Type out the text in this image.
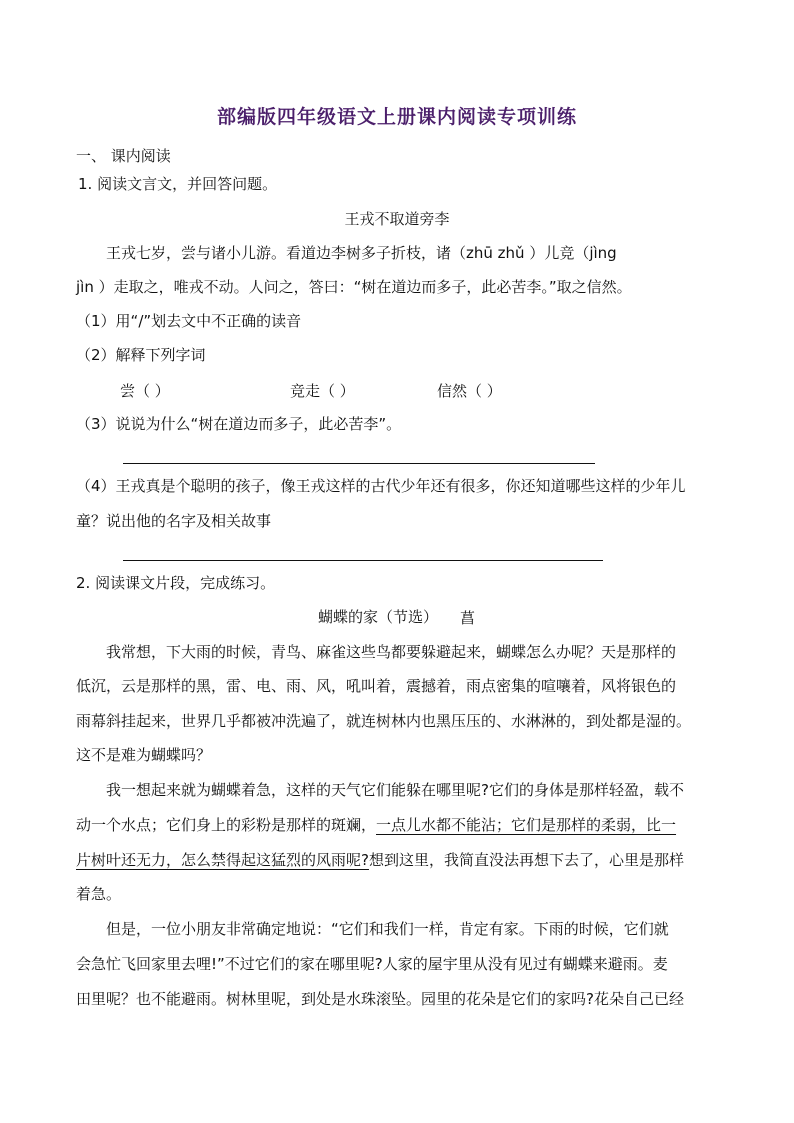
部编版四年级语文上册课内阅读专项训练
一、 课内阅读
1. 阅读文言文，并回答问题。
王戎不取道旁李
王戎七岁，尝与诸小儿游。看道边李树多子折枝，诸（zhū zhǔ ）儿竞（jìng
jìn ）走取之，唯戎不动。人问之，答曰：“树在道边而多子，此必苦李。”取之信然。
（1）用“/”划去文中不正确的读音
（2）解释下列字词
尝（ ）	竞走（ ）	信然（ ）
（3）说说为什么“树在道边而多子，此必苦李”。
（4）王戎真是个聪明的孩子，像王戎这样的古代少年还有很多，你还知道哪些这样的少年儿
童？说出他的名字及相关故事
2. 阅读课文片段，完成练习。
蝴蝶的家（节选） 菖
我常想，下大雨的时候，青鸟、麻雀这些鸟都要躲避起来，蝴蝶怎么办呢？天是那样的
低沉，云是那样的黑，雷、电、雨、风，吼叫着，震撼着，雨点密集的喧嚷着，风将银色的
雨幕斜挂起来，世界几乎都被冲洗遍了，就连树林内也黑压压的、水淋淋的，到处都是湿的。
这不是难为蝴蝶吗？
我一想起来就为蝴蝶着急，这样的天气它们能躲在哪里呢?它们的身体是那样轻盈，载不
动一个水点；它们身上的彩粉是那样的斑斓，一点儿水都不能沾；它们是那样的柔弱，比一
片树叶还无力，怎么禁得起这猛烈的风雨呢?想到这里，我简直没法再想下去了，心里是那样
着急。
但是，一位小朋友非常确定地说：“它们和我们一样，肯定有家。下雨的时候，它们就
会急忙飞回家里去哩!”不过它们的家在哪里呢?人家的屋宇里从没有见过有蝴蝶来避雨。麦
田里呢？也不能避雨。树林里呢，到处是水珠滚坠。园里的花朵是它们的家吗?花朵自己已经
